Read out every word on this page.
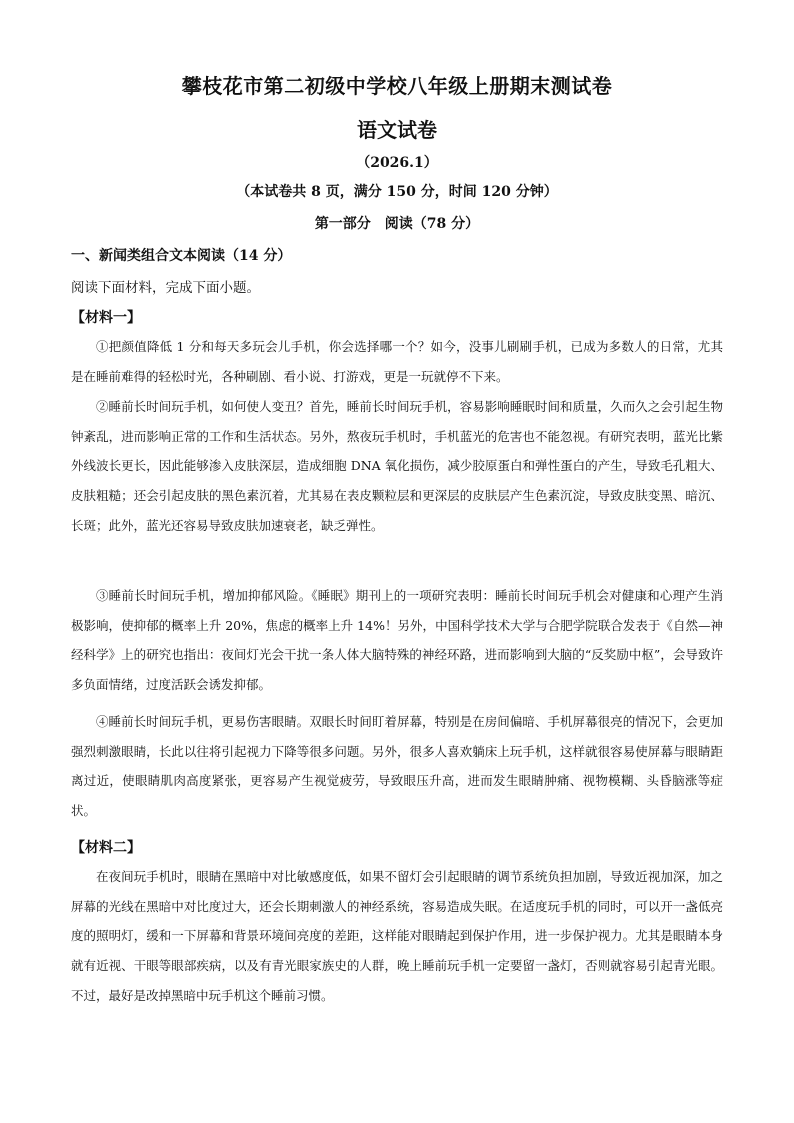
攀枝花市第二初级中学校八年级上册期末测试卷
语文试卷
（2026.1）
（本试卷共 8 页，满分 150 分，时间 120 分钟）
第一部分　阅读（78 分）
一、新闻类组合文本阅读（14 分）
阅读下面材料，完成下面小题。
【材料一】

①把颜值降低 1 分和每天多玩会儿手机，你会选择哪一个？如今，没事儿刷刷手机，已成为多数人的日常，尤其是在睡前难得的轻松时光，各种刷剧、看小说、打游戏，更是一玩就停不下来。

②睡前长时间玩手机，如何使人变丑？首先，睡前长时间玩手机，容易影响睡眠时间和质量，久而久之会引起生物钟紊乱，进而影响正常的工作和生活状态。另外，熬夜玩手机时，手机蓝光的危害也不能忽视。有研究表明，蓝光比紫外线波长更长，因此能够渗入皮肤深层，造成细胞 DNA 氧化损伤，减少胶原蛋白和弹性蛋白的产生，导致毛孔粗大、皮肤粗糙；还会引起皮肤的黑色素沉着，尤其易在表皮颗粒层和更深层的皮肤层产生色素沉淀，导致皮肤变黑、暗沉、长斑；此外，蓝光还容易导致皮肤加速衰老，缺乏弹性。

③睡前长时间玩手机，增加抑郁风险。《睡眠》期刊上的一项研究表明：睡前长时间玩手机会对健康和心理产生消极影响，使抑郁的概率上升 20%，焦虑的概率上升 14%！另外，中国科学技术大学与合肥学院联合发表于《自然—神经科学》上的研究也指出：夜间灯光会干扰一条人体大脑特殊的神经环路，进而影响到大脑的“反奖励中枢”，会导致许多负面情绪，过度活跃会诱发抑郁。

④睡前长时间玩手机，更易伤害眼睛。双眼长时间盯着屏幕，特别是在房间偏暗、手机屏幕很亮的情况下，会更加强烈刺激眼睛，长此以往将引起视力下降等很多问题。另外，很多人喜欢躺床上玩手机，这样就很容易使屏幕与眼睛距离过近，使眼睛肌肉高度紧张，更容易产生视觉疲劳，导致眼压升高，进而发生眼睛肿痛、视物模糊、头昏脑涨等症状。

【材料二】

在夜间玩手机时，眼睛在黑暗中对比敏感度低，如果不留灯会引起眼睛的调节系统负担加剧，导致近视加深，加之屏幕的光线在黑暗中对比度过大，还会长期刺激人的神经系统，容易造成失眠。在适度玩手机的同时，可以开一盏低亮度的照明灯，缓和一下屏幕和背景环境间亮度的差距，这样能对眼睛起到保护作用，进一步保护视力。尤其是眼睛本身就有近视、干眼等眼部疾病，以及有青光眼家族史的人群，晚上睡前玩手机一定要留一盏灯，否则就容易引起青光眼。不过，最好是改掉黑暗中玩手机这个睡前习惯。
